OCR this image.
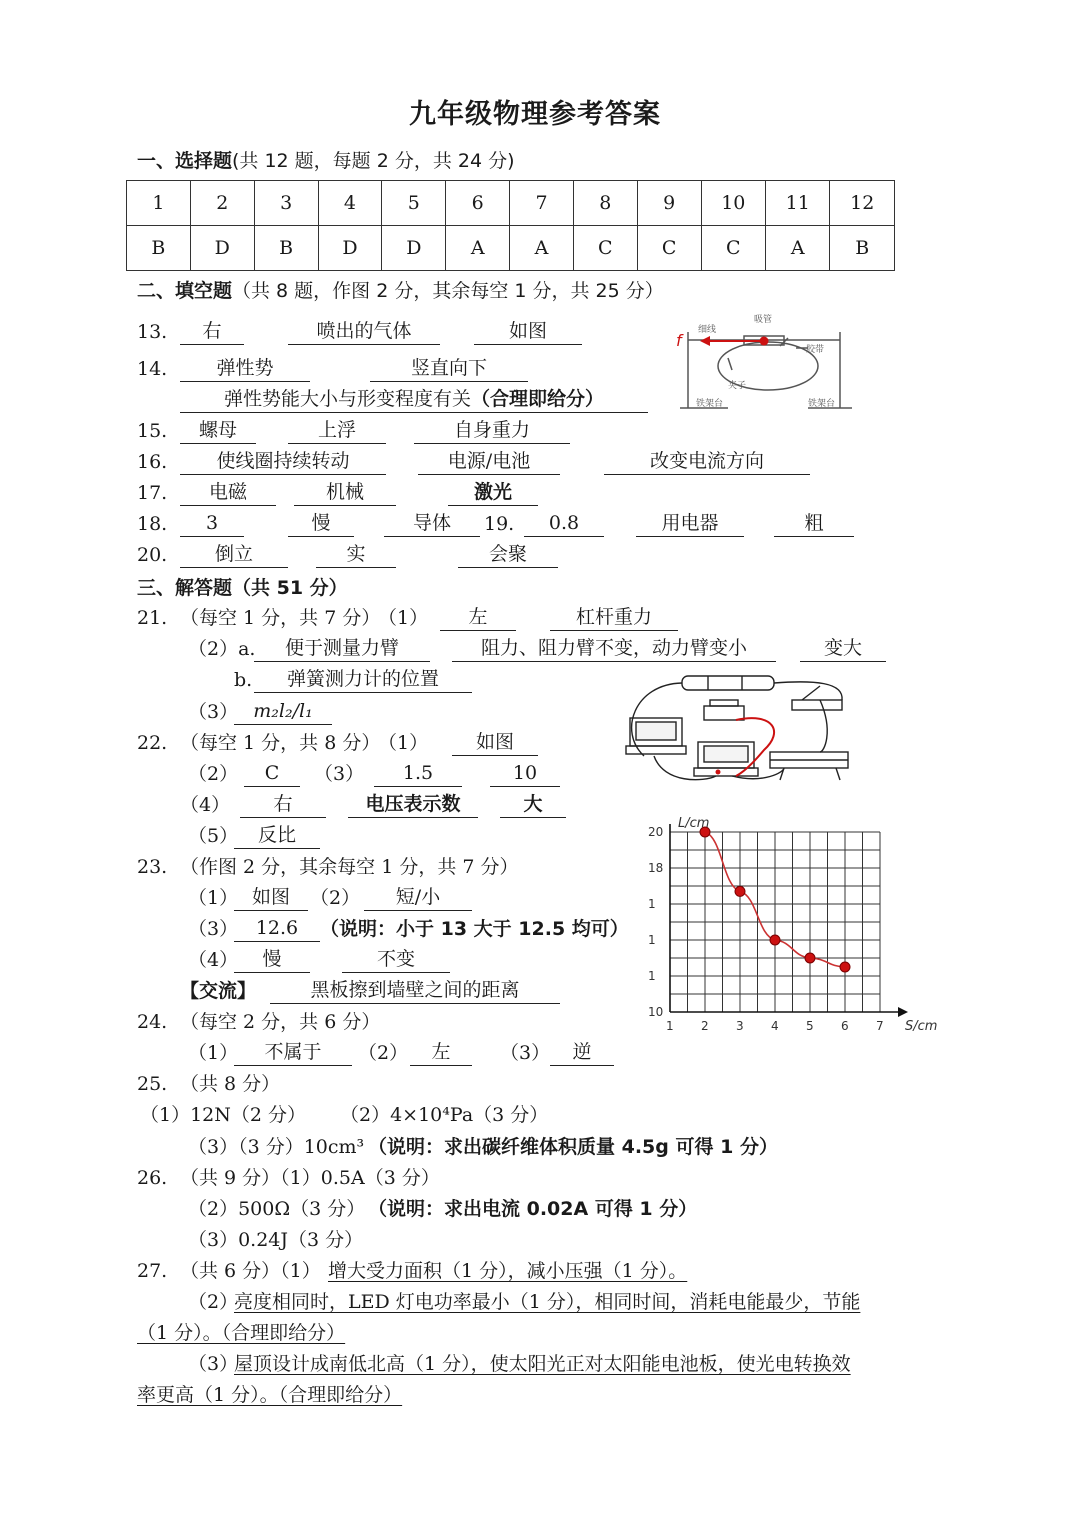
九年级物理参考答案
一、选择题(共 12 题，每题 2 分，共 24 分)
1	2	3	4	5	6	7	8	9	10	11	12
B	D	B	D	D	A	A	C	C	C	A	B
二、填空题（共 8 题，作图 2 分，其余每空 1 分，共 25 分）
13.	右	喷出的气体	如图
14.	弹性势	竖直向下
弹性势能大小与形变程度有关（合理即给分）
f
细线
吸管
胶带
夹子
铁架台	铁架台
15.	螺母	上浮	自身重力
16.	使线圈持续转动	电源/电池	改变电流方向
17.	电磁	机械	激光
18.	3	慢	导体	19.	0.8	用电器	粗
20.	倒立	实	会聚
三、解答题（共 51 分）
21. （每空 1 分，共 7 分）
（1）	左	杠杆重力
（2）a.	便于测量力臂	阻力、阻力臂不变，动力臂变小	变大
b.	弹簧测力计的位置
（3） m₂l₂/l₁
22. （每空 1 分，共 8 分）
（1）	如图
（2）	C	（3）	1.5	10
（4）	右	电压表示数	大
（5）	反比
23. （作图 2 分，其余每空 1 分，共 7 分）
（1） 如图	（2）	短/小
（3） 12.6	（说明：小于 13 大于 12.5 均可）
（4）	慢	不变
【交流】	黑板擦到墙壁之间的距离
1 2 3 4 5 6 7
20
18
1
1
1
10
L/cm
S/cm
24. （每空 2 分，共 6 分）
（1）	不属于	（2）	左	（3）	逆
25. （共 8 分）
（1）12N（2 分） （2）4×10⁴Pa（3 分）
（3）（3 分）10cm³ （说明：求出碳纤维体积质量 4.5g 可得 1 分）
26. （共 9 分）（1）0.5A（3 分）
（2）500Ω（3 分） （说明：求出电流 0.02A 可得 1 分）
（3）0.24J（3 分）
27. （共 6 分）（1） 增大受力面积（1 分），减小压强（1 分）。
（2）
亮度相同时，LED 灯电功率最小（1 分），相同时间，消耗电能最少，节能
（1 分）。（合理即给分）
（3）
屋顶设计成南低北高（1 分），使太阳光正对太阳能电池板，使光电转换效
率更高（1 分）。（合理即给分）
